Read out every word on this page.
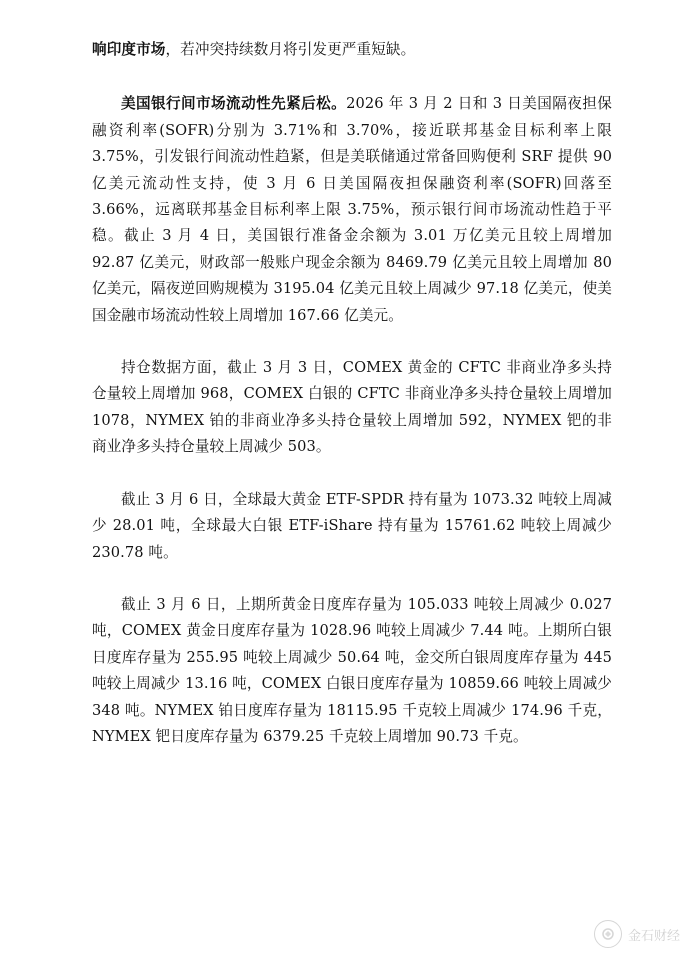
响印度市场，若冲突持续数月将引发更严重短缺。

美国银行间市场流动性先紧后松。2026 年 3 月 2 日和 3 日美国隔夜担保融资利率(SOFR)分别为 3.71%和 3.70%，接近联邦基金目标利率上限 3.75%，引发银行间流动性趋紧，但是美联储通过常备回购便利 SRF 提供 90 亿美元流动性支持，使 3 月 6 日美国隔夜担保融资利率(SOFR)回落至 3.66%，远离联邦基金目标利率上限 3.75%，预示银行间市场流动性趋于平稳。截止 3 月 4 日，美国银行准备金余额为 3.01 万亿美元且较上周增加 92.87 亿美元，财政部一般账户现金余额为 8469.79 亿美元且较上周增加 80 亿美元，隔夜逆回购规模为 3195.04 亿美元且较上周减少 97.18 亿美元，使美国金融市场流动性较上周增加 167.66 亿美元。

持仓数据方面，截止 3 月 3 日，COMEX 黄金的 CFTC 非商业净多头持仓量较上周增加 968，COMEX 白银的 CFTC 非商业净多头持仓量较上周增加 1078，NYMEX 铂的非商业净多头持仓量较上周增加 592，NYMEX 钯的非商业净多头持仓量较上周减少 503。

截止 3 月 6 日，全球最大黄金 ETF-SPDR 持有量为 1073.32 吨较上周减少 28.01 吨，全球最大白银 ETF-iShare 持有量为 15761.62 吨较上周减少 230.78 吨。

截止 3 月 6 日，上期所黄金日度库存量为 105.033 吨较上周减少 0.027 吨，COMEX 黄金日度库存量为 1028.96 吨较上周减少 7.44 吨。上期所白银日度库存量为 255.95 吨较上周减少 50.64 吨，金交所白银周度库存量为 445 吨较上周减少 13.16 吨，COMEX 白银日度库存量为 10859.66 吨较上周减少 348 吨。NYMEX 铂日度库存量为 18115.95 千克较上周减少 174.96 千克，NYMEX 钯日度库存量为 6379.25 千克较上周增加 90.73 千克。

金石财经
